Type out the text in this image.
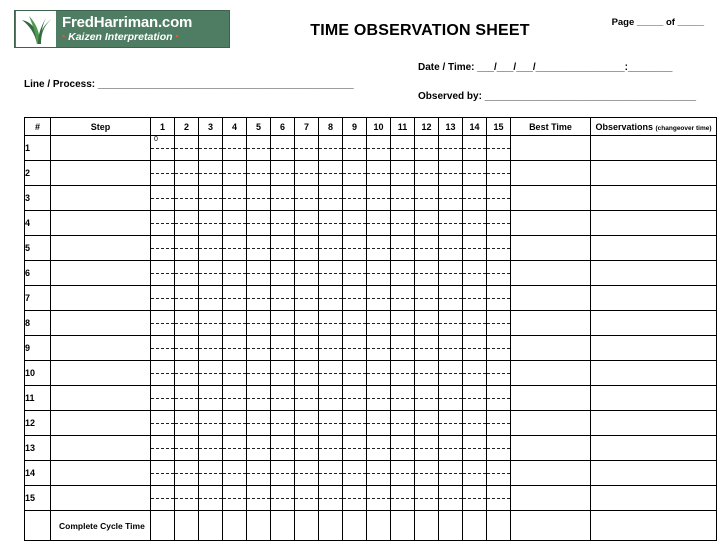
FredHarriman.com
▪ Kaizen Interpretation ▪	TIME OBSERVATION SHEET	Page _____ of _____
Date / Time: ___/___/___/________________:________
Observed by: ______________________________________
Line / Process: ______________________________________________
#	Step	1	2	3	4	5	6	7	8	9	10	11	12	13	14	15	Best Time	Observations (changeover time)
1		0																

2																		
3																		
4																		
5																		
6																		
7																		
8																		
9																		
10																		
11																		
12																		
13																		
14																		
15																		
	Complete Cycle Time																	
